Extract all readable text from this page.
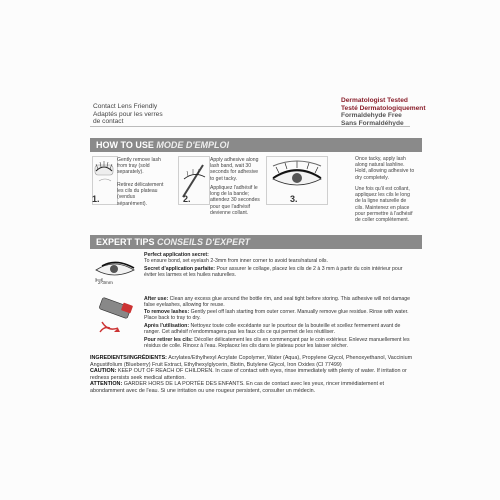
Contact Lens Friendly
Adaptés pour les verres
de contact
Dermatologist Tested
Testé Dermatologiquement
Formaldehyde Free
Sans Formaldéhyde
HOW TO USE MODE D'EMPLOI
1.
Gently remove lash from tray (sold separately).
Retirez délicatement les cils du plateau (vendus séparément).	2.
Apply adhesive along lash band, wait 30 seconds for adhesive to get tacky.
Appliquez l'adhésif le long de la bande; attendez 30 secondes pour que l'adhésif devienne collant.
3.
Once tacky, apply lash along natural lashline. Hold, allowing adhesive to dry completely.
Une fois qu'il est collant, appliquez les cils le long de la ligne naturelle de cils. Maintenez en place pour permettre à l'adhésif de coller complètement.
EXPERT TIPS CONSEILS D'EXPERT
2-3mm
Perfect application secret:
To ensure bond, set eyelash 2-3mm from inner corner to avoid tears/natural oils.
Secret d'application parfaite: Pour assurer le collage, placez les cils de 2 à 3 mm à partir du coin intérieur pour éviter les larmes et les huiles naturelles.
After use: Clean any excess glue around the bottle rim, and seal tight before storing. This adhesive will not damage false eyelashes, allowing for reuse.
To remove lashes: Gently peel off lash starting from outer corner. Manually remove glue residue. Rinse with water. Place back to tray to dry.
Après l'utilisation: Nettoyez toute colle excédante sur le pourtour de la bouteille et scellez fermement avant de ranger. Cet adhésif n'endommagera pas les faux cils ce qui permet de les réutiliser.
Pour retirer les cils: Décoller délicatement les cils en commençant par le coin extérieur. Enlevez manuellement les résidus de colle. Rincez à l'eau. Replacez les cils dans le plateau pour les laisser sécher.
INGREDIENTS/INGRÉDIENTS: Acrylates/Ethylhexyl Acrylate Copolymer, Water (Aqua), Propylene Glycol, Phenoxyethanol, Vaccinium Angustifolium (Blueberry) Fruit Extract, Ethylhexylglycerin, Biotin, Butylene Glycol, Iron Oxides (CI 77499)
CAUTION: KEEP OUT OF REACH OF CHILDREN. In case of contact with eyes, rinse immediately with plenty of water. If irritation or redness persists seek medical attention.
ATTENTION: GARDER HORS DE LA PORTÉE DES ENFANTS. En cas de contact avec les yeux, rincer immédiatement et abondamment avec de l'eau. Si une irritation ou une rougeur persistent, consulter un médecin.
